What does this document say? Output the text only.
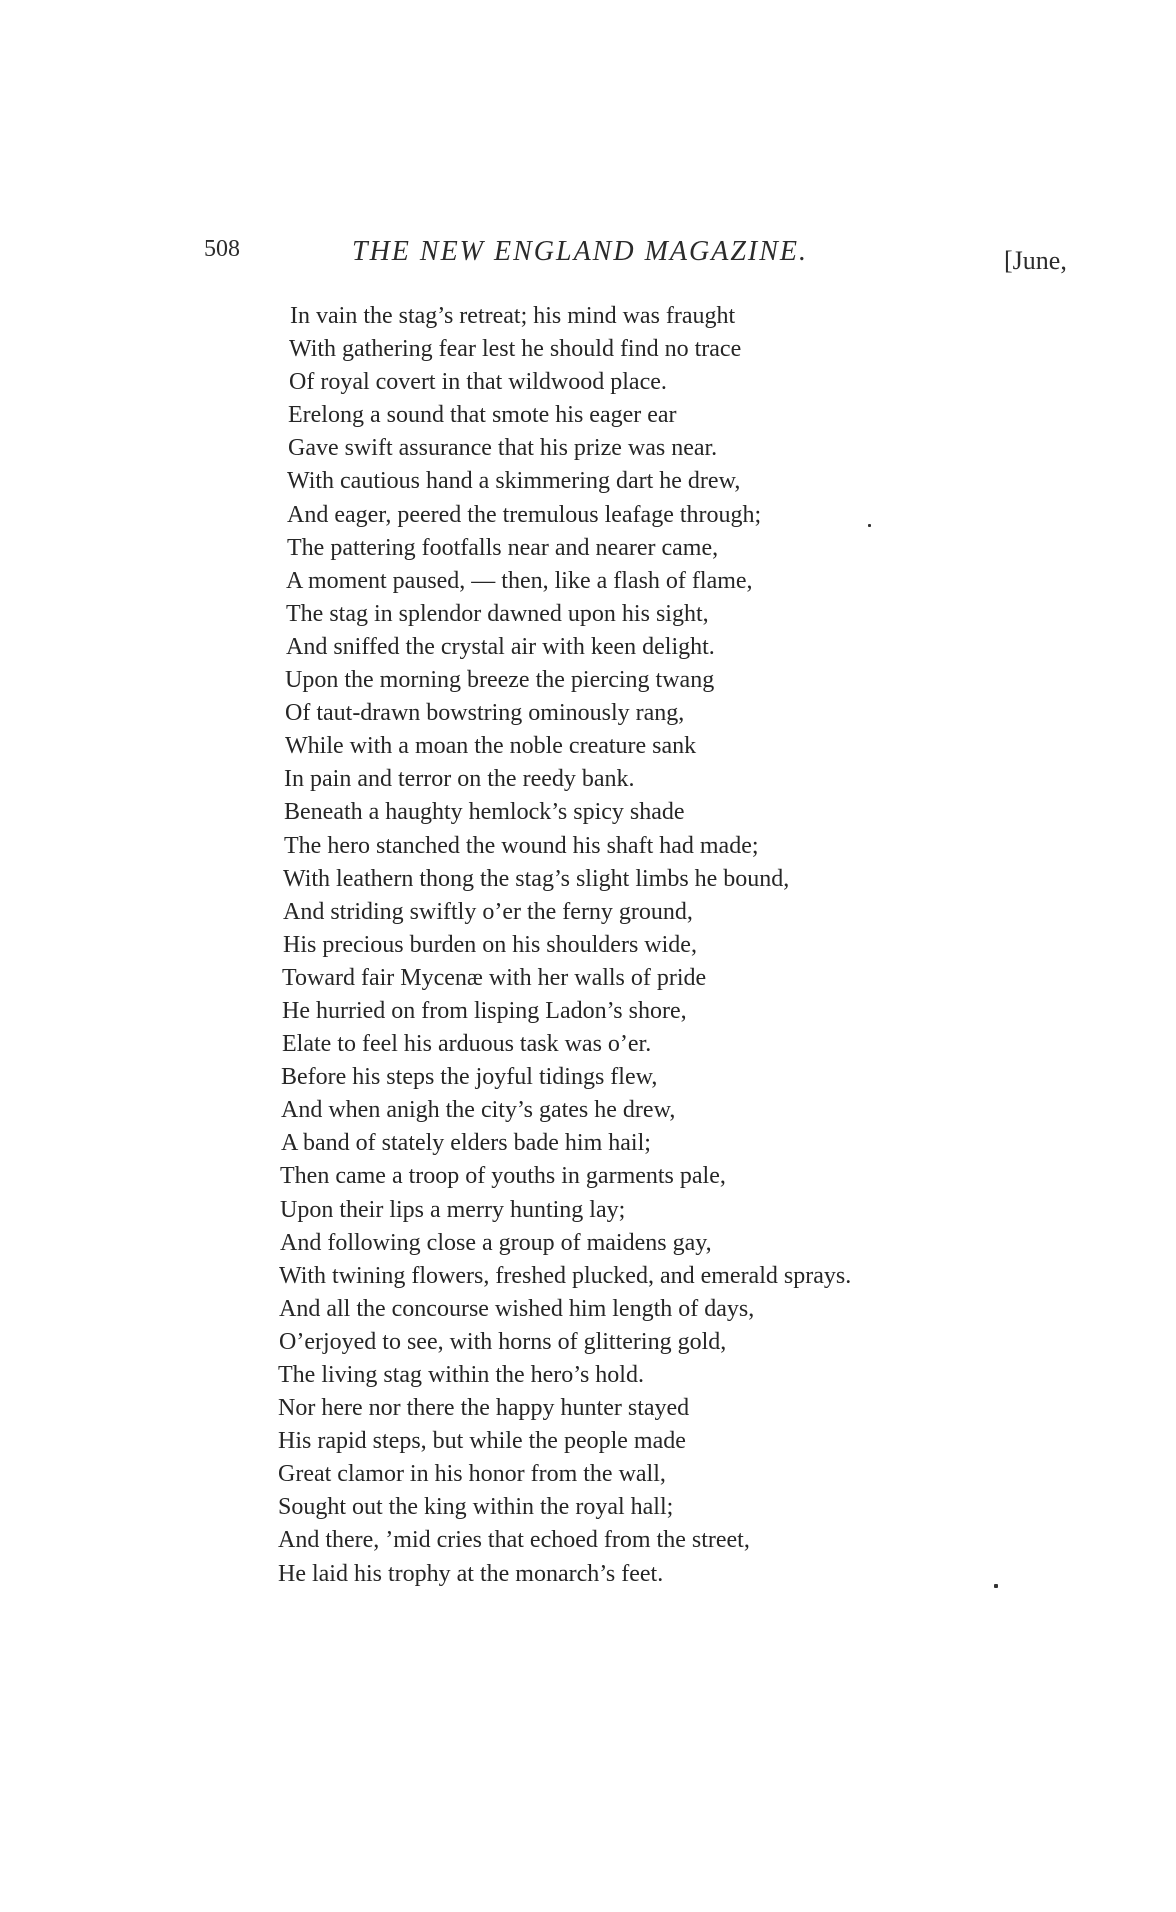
508	THE NEW ENGLAND MAGAZINE.	[June,
In vain the stag’s retreat; his mind was fraught
With gathering fear lest he should find no trace
Of royal covert in that wildwood place.
Erelong a sound that smote his eager ear
Gave swift assurance that his prize was near.
With cautious hand a skimmering dart he drew,
And eager, peered the tremulous leafage through;
The pattering footfalls near and nearer came,
A moment paused, — then, like a flash of flame,
The stag in splendor dawned upon his sight,
And sniffed the crystal air with keen delight.
Upon the morning breeze the piercing twang
Of taut-drawn bowstring ominously rang,
While with a moan the noble creature sank
In pain and terror on the reedy bank.
Beneath a haughty hemlock’s spicy shade
The hero stanched the wound his shaft had made;
With leathern thong the stag’s slight limbs he bound,
And striding swiftly o’er the ferny ground,
His precious burden on his shoulders wide,
Toward fair Mycenæ with her walls of pride
He hurried on from lisping Ladon’s shore,
Elate to feel his arduous task was o’er.
Before his steps the joyful tidings flew,
And when anigh the city’s gates he drew,
A band of stately elders bade him hail;
Then came a troop of youths in garments pale,
Upon their lips a merry hunting lay;
And following close a group of maidens gay,
With twining flowers, freshed plucked, and emerald sprays.
And all the concourse wished him length of days,
O’erjoyed to see, with horns of glittering gold,
The living stag within the hero’s hold.
Nor here nor there the happy hunter stayed
His rapid steps, but while the people made
Great clamor in his honor from the wall,
Sought out the king within the royal hall;
And there, ’mid cries that echoed from the street,
He laid his trophy at the monarch’s feet.
